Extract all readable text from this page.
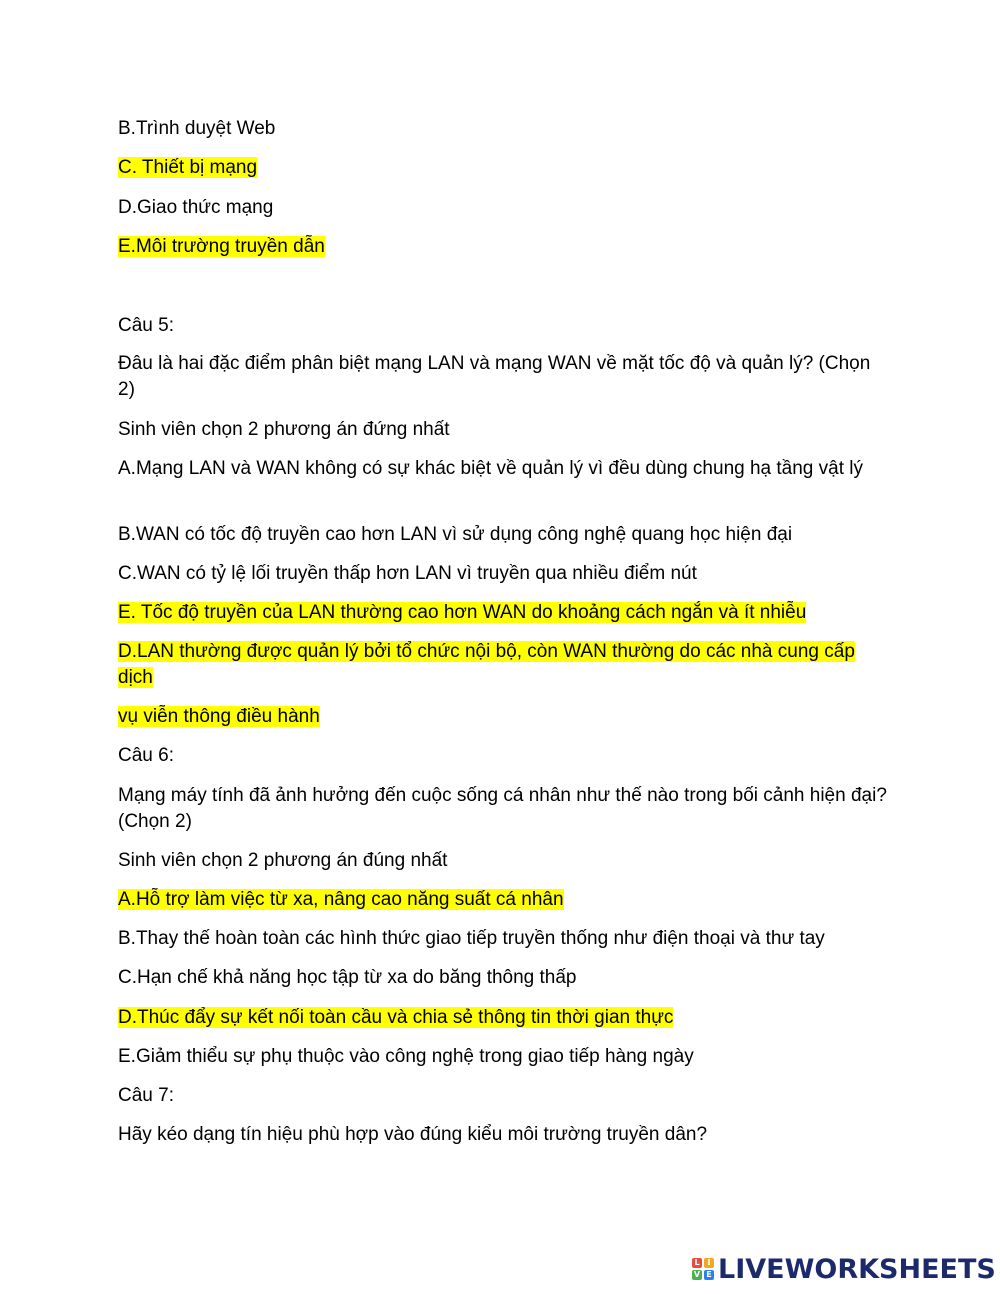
B.Trình duyệt Web
C. Thiết bị mạng
D.Giao thức mạng
E.Môi trường truyền dẫn
Câu 5:
Đâu là hai đặc điểm phân biệt mạng LAN và mạng WAN về mặt tốc độ và quản lý? (Chọn 2)
Sinh viên chọn 2 phương án đứng nhất
A.Mạng LAN và WAN không có sự khác biệt về quản lý vì đều dùng chung hạ tầng vật lý
B.WAN có tốc độ truyền cao hơn LAN vì sử dụng công nghệ quang học hiện đại
C.WAN có tỷ lệ lối truyền thấp hơn LAN vì truyền qua nhiều điểm nút
E. Tốc độ truyền của LAN thường cao hơn WAN do khoảng cách ngắn và ít nhiễu
D.LAN thường được quản lý bởi tổ chức nội bộ, còn WAN thường do các nhà cung cấp dịch
vụ viễn thông điều hành
Câu 6:
Mạng máy tính đã ảnh hưởng đến cuộc sống cá nhân như thế nào trong bối cảnh hiện đại? (Chọn 2)
Sinh viên chọn 2 phương án đúng nhất
A.Hỗ trợ làm việc từ xa, nâng cao năng suất cá nhân
B.Thay thế hoàn toàn các hình thức giao tiếp truyền thống như điện thoại và thư tay
C.Hạn chế khả năng học tập từ xa do băng thông thấp
D.Thúc đẩy sự kết nối toàn cầu và chia sẻ thông tin thời gian thực
E.Giảm thiểu sự phụ thuộc vào công nghệ trong giao tiếp hàng ngày
Câu 7:
Hãy kéo dạng tín hiệu phù hợp vào đúng kiểu môi trường truyền dân?
L I
V E LIVEWORKSHEETS
